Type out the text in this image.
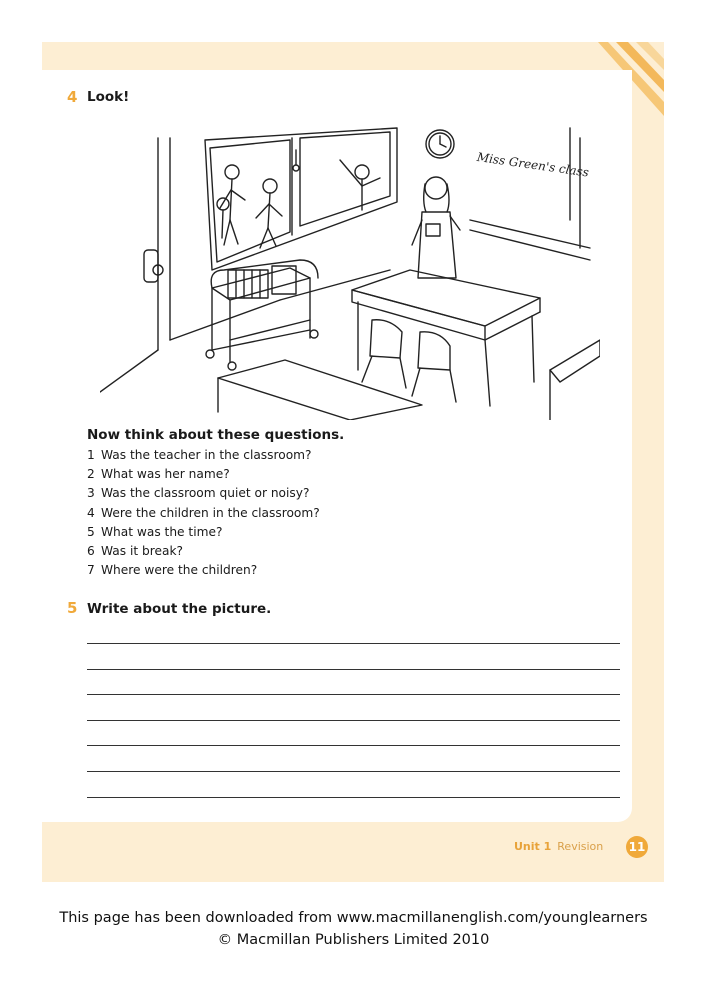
4 Look!
Miss Green's class
Now think about these questions.
1 Was the teacher in the classroom?
2 What was her name?
3 Was the classroom quiet or noisy?
4 Were the children in the classroom?
5 What was the time?
6 Was it break?
7 Where were the children?
5 Write about the picture.
Unit 1 Revision 11
This page has been downloaded from www.macmillanenglish.com/younglearners
© Macmillan Publishers Limited 2010
